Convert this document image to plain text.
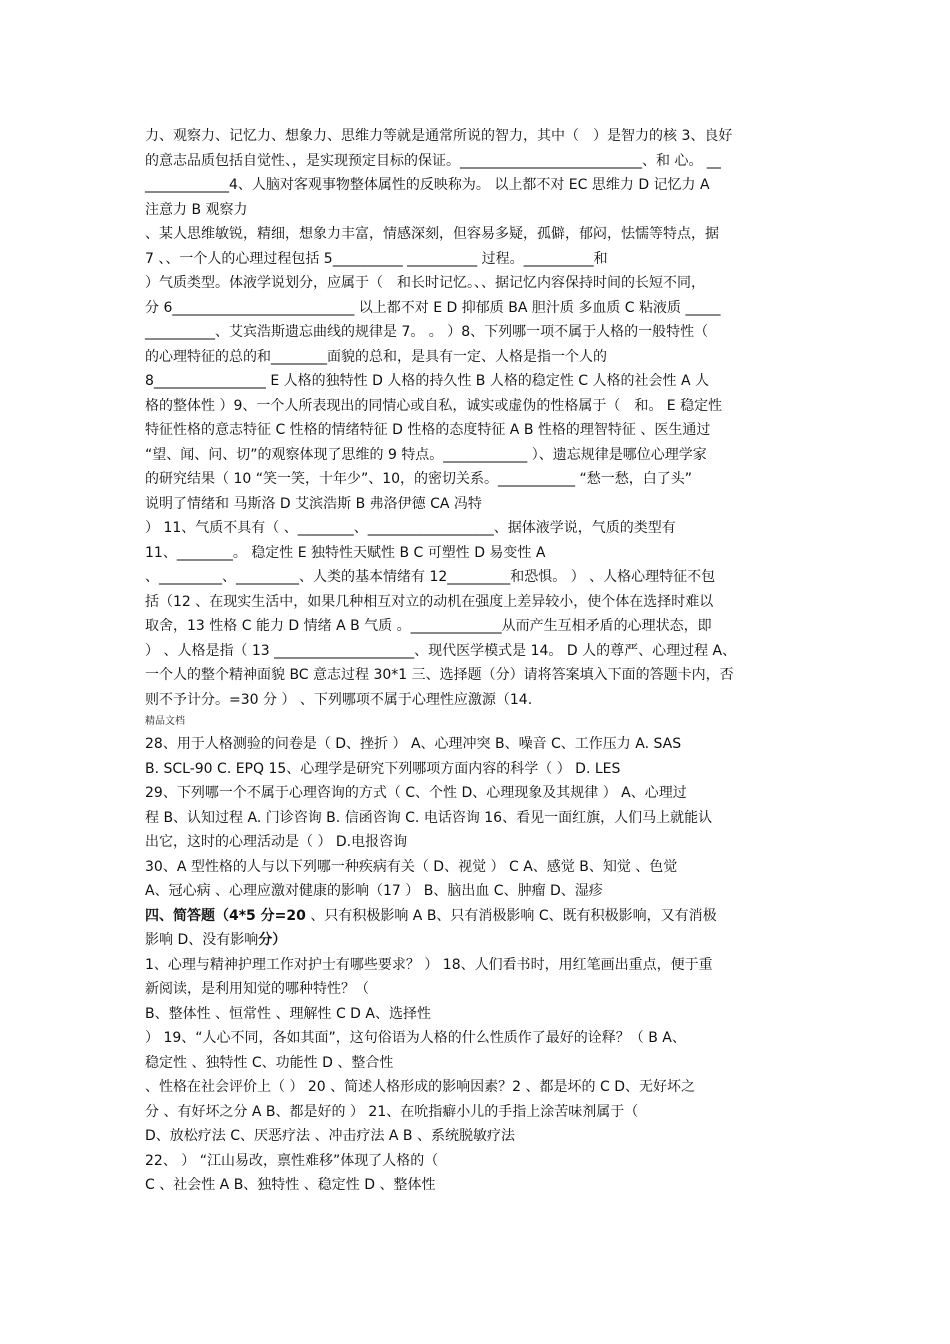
力、观察力、记忆力、想象力、思维力等就是通常所说的智力，其中（　）是智力的核 3、良好

的意志品质包括自觉性、，是实现预定目标的保证。__________________________、和 心。 __

____________4、人脑对客观事物整体属性的反映称为。 以上都不对 EC 思维力 D 记忆力 A

注意力 B 观察力

、某人思维敏锐，精细，想象力丰富，情感深刻，但容易多疑，孤僻，郁闷，怯懦等特点，据

7 、、一个人的心理过程包括 5__________ __________ 过程。__________和

）气质类型。体液学说划分，应属于（　和长时记忆。、、据记忆内容保持时间的长短不同，

分 6__________________________ 以上都不对 E D 抑郁质 BA 胆汁质 多血质 C 粘液质 _____

__________、艾宾浩斯遗忘曲线的规律是 7。 。 ）8、下列哪一项不属于人格的一般特性（

的心理特征的总的和________面貌的总和，是具有一定、人格是指一个人的

8________________ E 人格的独特性 D 人格的持久性 B 人格的稳定性 C 人格的社会性 A 人

格的整体性 ）9、一个人所表现出的同情心或自私，诚实或虚伪的性格属于（　和。 E 稳定性

特征性格的意志特征 C 性格的情绪特征 D 性格的态度特征 A B 性格的理智特征 、医生通过

“望、闻、问、切”的观察体现了思维的 9 特点。____________ ）、遗忘规律是哪位心理学家

的研究结果（ 10 “笑一笑，十年少”、10，的密切关系。___________ “愁一愁，白了头”

说明了情绪和 马斯洛 D 艾滨浩斯 B 弗洛伊德 CA 冯特

） 11、气质不具有（ 、________、__________________、据体液学说，气质的类型有

11、________。 稳定性 E 独特性天赋性 B C 可塑性 D 易变性 A

、_________、_________、人类的基本情绪有 12_________和恐惧。 ） 、人格心理特征不包

括（12 、在现实生活中，如果几种相互对立的动机在强度上差异较小，使个体在选择时难以

取舍，13 性格 C 能力 D 情绪 A B 气质 。_____________从而产生互相矛盾的心理状态，即

） 、人格是指（ 13 ____________________、现代医学模式是 14。 D 人的尊严、心理过程 A、

一个人的整个精神面貌 BC 意志过程 30*1 三、选择题（分）请将答案填入下面的答题卡内，否

则不予计分。=30 分 ） 、下列哪项不属于心理性应激源（14.

精品文档

28、用于人格测验的问卷是（ D、挫折 ） A、心理冲突 B、噪音 C、工作压力 A. SAS

B. SCL-90 C. EPQ 15、心理学是研究下列哪项方面内容的科学（ ） D. LES

29、下列哪一个不属于心理咨询的方式（ C、个性 D、心理现象及其规律 ） A、心理过

程 B、认知过程 A. 门诊咨询 B. 信函咨询 C. 电话咨询 16、看见一面红旗，人们马上就能认

出它，这时的心理活动是（ ） D.电报咨询

30、A 型性格的人与以下列哪一种疾病有关（ D、视觉 ） C A、感觉 B、知觉 、色觉

A、冠心病 、心理应激对健康的影响（17 ） B、脑出血 C、肿瘤 D、湿疹

四、简答题（4*5 分=20 、只有积极影响 A B、只有消极影响 C、既有积极影响，又有消极

影响 D、没有影响分）

1、心理与精神护理工作对护士有哪些要求？ ） 18、人们看书时，用红笔画出重点，便于重

新阅读，是利用知觉的哪种特性？（

B、整体性 、恒常性 、理解性 C D A、选择性

） 19、“人心不同，各如其面”，这句俗语为人格的什么性质作了最好的诠释？（ B A、

稳定性 、独特性 C、功能性 D 、整合性

、性格在社会评价上（ ） 20 、简述人格形成的影响因素？2 、都是坏的 C D、无好坏之

分 、有好坏之分 A B、都是好的 ） 21、在吮指癖小儿的手指上涂苦味剂属于（

D、放松疗法 C、厌恶疗法 、冲击疗法 A B 、系统脱敏疗法

22、 ） “江山易改，禀性难移”体现了人格的（

C 、社会性 A B、独特性 、稳定性 D 、整体性
